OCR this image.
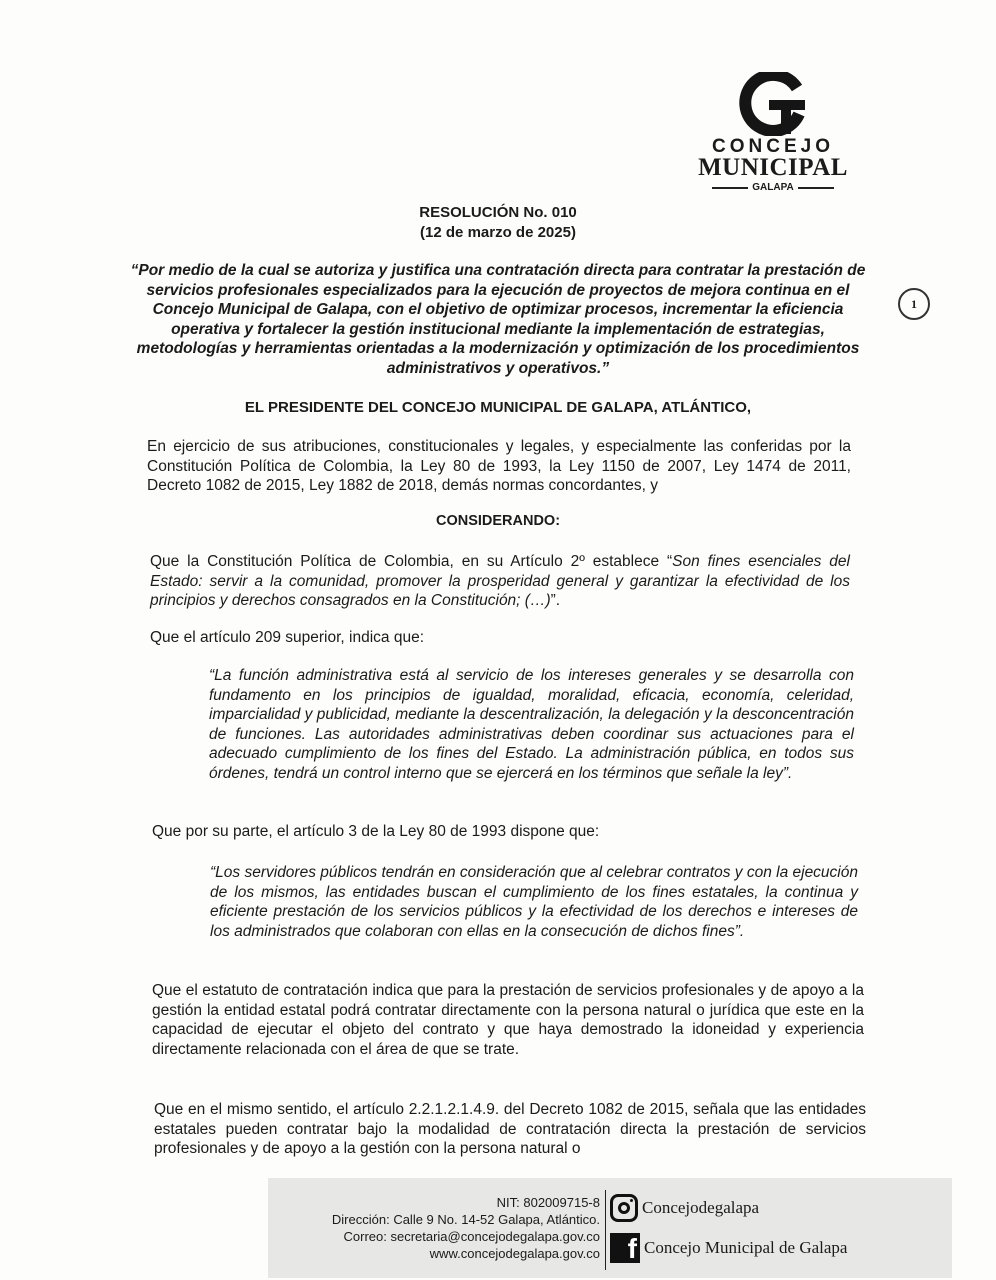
CONCEJO
MUNICIPAL
GALAPA
1
RESOLUCIÓN No. 010
(12 de marzo de 2025)
“Por medio de la cual se autoriza y justifica una contratación directa para contratar la prestación de servicios profesionales especializados para la ejecución de proyectos de mejora continua en el Concejo Municipal de Galapa, con el objetivo de optimizar procesos, incrementar la eficiencia operativa y fortalecer la gestión institucional mediante la implementación de estrategias, metodologías y herramientas orientadas a la modernización y optimización de los procedimientos administrativos y operativos.”
EL PRESIDENTE DEL CONCEJO MUNICIPAL DE GALAPA, ATLÁNTICO,
En ejercicio de sus atribuciones, constitucionales y legales, y especialmente las conferidas por la Constitución Política de Colombia, la Ley 80 de 1993, la Ley 1150 de 2007, Ley 1474 de 2011, Decreto 1082 de 2015, Ley 1882 de 2018, demás normas concordantes, y
CONSIDERANDO:
Que la Constitución Política de Colombia, en su Artículo 2º establece “Son fines esenciales del Estado: servir a la comunidad, promover la prosperidad general y garantizar la efectividad de los principios y derechos consagrados en la Constitución; (…)”.
Que el artículo 209 superior, indica que:
“La función administrativa está al servicio de los intereses generales y se desarrolla con fundamento en los principios de igualdad, moralidad, eficacia, economía, celeridad, imparcialidad y publicidad, mediante la descentralización, la delegación y la desconcentración de funciones. Las autoridades administrativas deben coordinar sus actuaciones para el adecuado cumplimiento de los fines del Estado. La administración pública, en todos sus órdenes, tendrá un control interno que se ejercerá en los términos que señale la ley”.
Que por su parte, el artículo 3 de la Ley 80 de 1993 dispone que:
“Los servidores públicos tendrán en consideración que al celebrar contratos y con la ejecución de los mismos, las entidades buscan el cumplimiento de los fines estatales, la continua y eficiente prestación de los servicios públicos y la efectividad de los derechos e intereses de los administrados que colaboran con ellas en la consecución de dichos fines”.
Que el estatuto de contratación indica que para la prestación de servicios profesionales y de apoyo a la gestión la entidad estatal podrá contratar directamente con la persona natural o jurídica que este en la capacidad de ejecutar el objeto del contrato y que haya demostrado la idoneidad y experiencia directamente relacionada con el área de que se trate.
Que en el mismo sentido, el artículo 2.2.1.2.1.4.9. del Decreto 1082 de 2015, señala que las entidades estatales pueden contratar bajo la modalidad de contratación directa la prestación de servicios profesionales y de apoyo a la gestión con la persona natural o
NIT: 802009715-8
Dirección: Calle 9 No. 14-52 Galapa, Atlántico.
Correo: secretaria@concejodegalapa.gov.co
www.concejodegalapa.gov.co
Concejodegalapa
f Concejo Municipal de Galapa
